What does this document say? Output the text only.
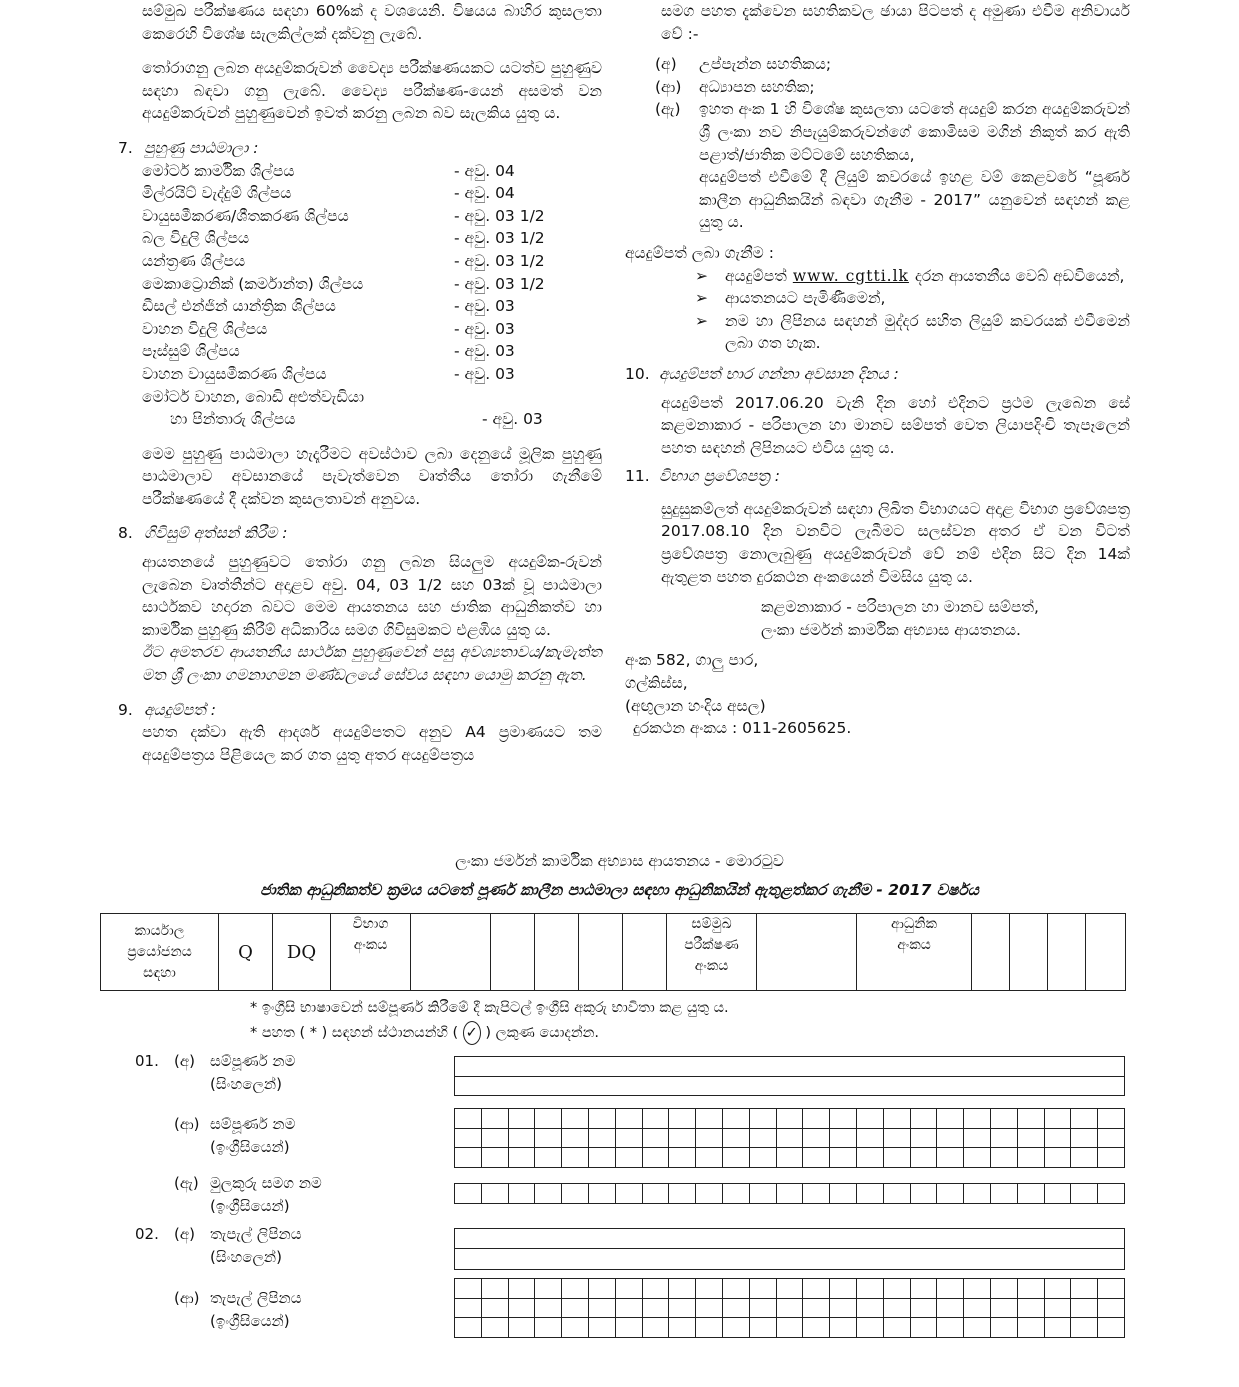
සම්මුඛ පරීක්ෂණය සඳහා 60%ක් ද වශයෙනි. විෂයය බාහිර කුසලතා කෙරෙහි විශේෂ සැලකිල්ලක් දක්වනු ලැබේ.

තෝරාගනු ලබන අයදුම්කරුවන් වෛද්‍ය පරීක්ෂණයකට යටත්ව පුහුණුව සඳහා බඳවා ගනු ලැබේ. වෛද්‍ය පරීක්ෂණ-යෙන් අසමත් වන අයදුම්කරුවන් පුහුණුවෙන් ඉවත් කරනු ලබන බව සැලකිය යුතු ය.

7. පුහුණු පාඨමාලා :
මෝටර් කාර්මික ශිල්පය	- අවු. 04
මිල්රයිට් වැද්දුම් ශිල්පය	- අවු. 04
වායුසමීකරණ/ශීතකරණ ශිල්පය	- අවු. 03 1/2
බල විදුලි ශිල්පය	- අවු. 03 1/2
යන්ත්‍රණ ශිල්පය	- අවු. 03 1/2
මෙකාට්‍රොනික් (කර්මාන්ත) ශිල්පය	- අවු. 03 1/2
ඩීසල් එන්ජින් යාන්ත්‍රික ශිල්පය	- අවු. 03
වාහන විදුලි ශිල්පය	- අවු. 03
පෑස්සුම් ශිල්පය	- අවු. 03
වාහන වායුසමීකරණ ශිල්පය	- අවු. 03
මෝටර් වාහන, බොඩි අළුත්වැඩියා
හා පින්තාරු ශිල්පය	- අවු. 03

මෙම පුහුණු පාඨමාලා හැදෑරීමට අවස්ථාව ලබා දෙනුයේ මූලික පුහුණු පාඨමාලාව අවසානයේ පැවැත්වෙන වෘත්තීය තෝරා ගැනීමේ පරීක්ෂණයේ දී දක්වන කුසලතාවන් අනුවය.

8. ගිවිසුම් අත්සන් කිරීම :

ආයතනයේ පුහුණුවට තෝරා ගනු ලබන සියලුම අයදුම්ක-රුවන් ලැබෙන වෘත්තීන්ට අදාළව අවු. 04, 03 1/2 සහ 03ක් වූ පාඨමාලා සාර්ථකව හදාරන බවට මෙම ආයතනය සහ ජාතික ආධුනිකත්ව හා කාර්මික පුහුණු කිරීම් අධිකාරිය සමග ගිවිසුමකට එළඹිය යුතු ය.

ඊට අමතරව ආයතනීය සාර්ථක පුහුණුවෙන් පසු අවශ්‍යතාවය/කැමැත්ත මත ශ්‍රී ලංකා ගමනාගමන මණ්ඩලයේ සේවය සඳහා යොමු කරනු ඇත.

9. අයදුම්පත් :

පහත දක්වා ඇති ආදර්ශ අයදුම්පතට අනුව A4 ප්‍රමාණයට තම අයදුම්පත්‍රය පිළියෙල කර ගත යුතු අතර අයදුම්පත්‍රය

සමග පහත දැක්වෙන සහතිකවල ඡායා පිටපත් ද අමුණා එවීම අනිවාර්ය වේ :-

(අ)	උප්පැන්න සහතිකය;
(ආ)	අධ්‍යාපන සහතික;
(ඇ)	ඉහත අංක 1 හි විශේෂ කුසලතා යටතේ අයදුම් කරන අයදුම්කරුවන් ශ්‍රී ලංකා නව නිපැයුම්කරුවන්ගේ කොමිසම මගින් නිකුත් කර ඇති පළාත්/ජාතික මට්ටමේ සහතිකය,

අයදුම්පත් එවීමේ දී ලියුම් කවරයේ ඉහළ වම් කෙළවරේ “පූර්ණ කාලීන ආධුනිකයින් බඳවා ගැනීම - 2017” යනුවෙන් සඳහන් කළ යුතු ය.

අයදුම්පත් ලබා ගැනීම :

➢	අයදුම්පත් www. cgtti.lk දරන ආයතනීය වෙබ් අඩවියෙන්,
➢	ආයතනයට පැමිණීමෙන්,
➢	නම හා ලිපිනය සඳහන් මුද්දර සහිත ලියුම් කවරයක් එවීමෙන් ලබා ගත හැක.
10. අයදුම්පත් භාර ගන්නා අවසාන දිනය :

අයදුම්පත් 2017.06.20 වැනි දින හෝ එදිනට ප්‍රථම ලැබෙන සේ කළමනාකාර - පරිපාලන හා මානව සම්පත් වෙත ලියාපදිංචි තැපෑලෙන් පහත සඳහන් ලිපිනයට එවිය යුතු ය.

11. විභාග ප්‍රවේශපත්‍ර :

සුදුසුකම්ලත් අයදුම්කරුවන් සඳහා ලිඛිත විභාගයට අදාළ විභාග ප්‍රවේශපත්‍ර 2017.08.10 දින වනවිට ලැබීමට සලස්වන අතර ඒ වන විටත් ප්‍රවේශපත්‍ර නොලැබුණු අයදුම්කරුවන් වේ නම් එදින සිට දින 14ක් ඇතුළත පහත දුරකථන අංකයෙන් විමසිය යුතු ය.

කළමනාකාර - පරිපාලන හා මානව සම්පත්,

ලංකා ජර්මන් කාර්මික අභ්‍යාස ආයතනය.

අංක 582, ගාලු පාර,

ගල්කිස්ස,

(අඟුලාන හංදිය අසල)

දුරකථන අංකය : 011-2605625.

ලංකා ජර්මන් කාර්මික අභ්‍යාස ආයතනය - මොරටුව
ජාතික ආධුනිකත්ව ක්‍රමය යටතේ පූර්ණ කාලීන පාඨමාලා සඳහා ආධුනිකයින් ඇතුළත්කර ගැනීම - 2017 වර්ෂය
කාර්යාල
ප්‍රයෝජනය
සඳහා
	Q	DQ	
විභාග
අංකය

සම්මුඛ
පරීක්ෂණ
අංකය

ආධුනික
අංකය

* ඉංග්‍රීසි භාෂාවෙන් සම්පූර්ණ කිරීමේ දී කැපිටල් ඉංග්‍රීසි අකුරු භාවිතා කළ යුතු ය.
* පහත ( * ) සඳහන් ස්ථානයන්හි ( ✓ ) ලකුණ යොදන්න.
01. (අ) සම්පූර්ණ නම
(සිංහලෙන්)
(ආ) සම්පූර්ණ නම
(ඉංග්‍රීසියෙන්)

(ඇ) මුලකුරු සමග නම
(ඉංග්‍රීසියෙන්)

02. (අ) තැපැල් ලිපිනය
(සිංහලෙන්)
(ආ) තැපැල් ලිපිනය
(ඉංග්‍රීසියෙන්)
